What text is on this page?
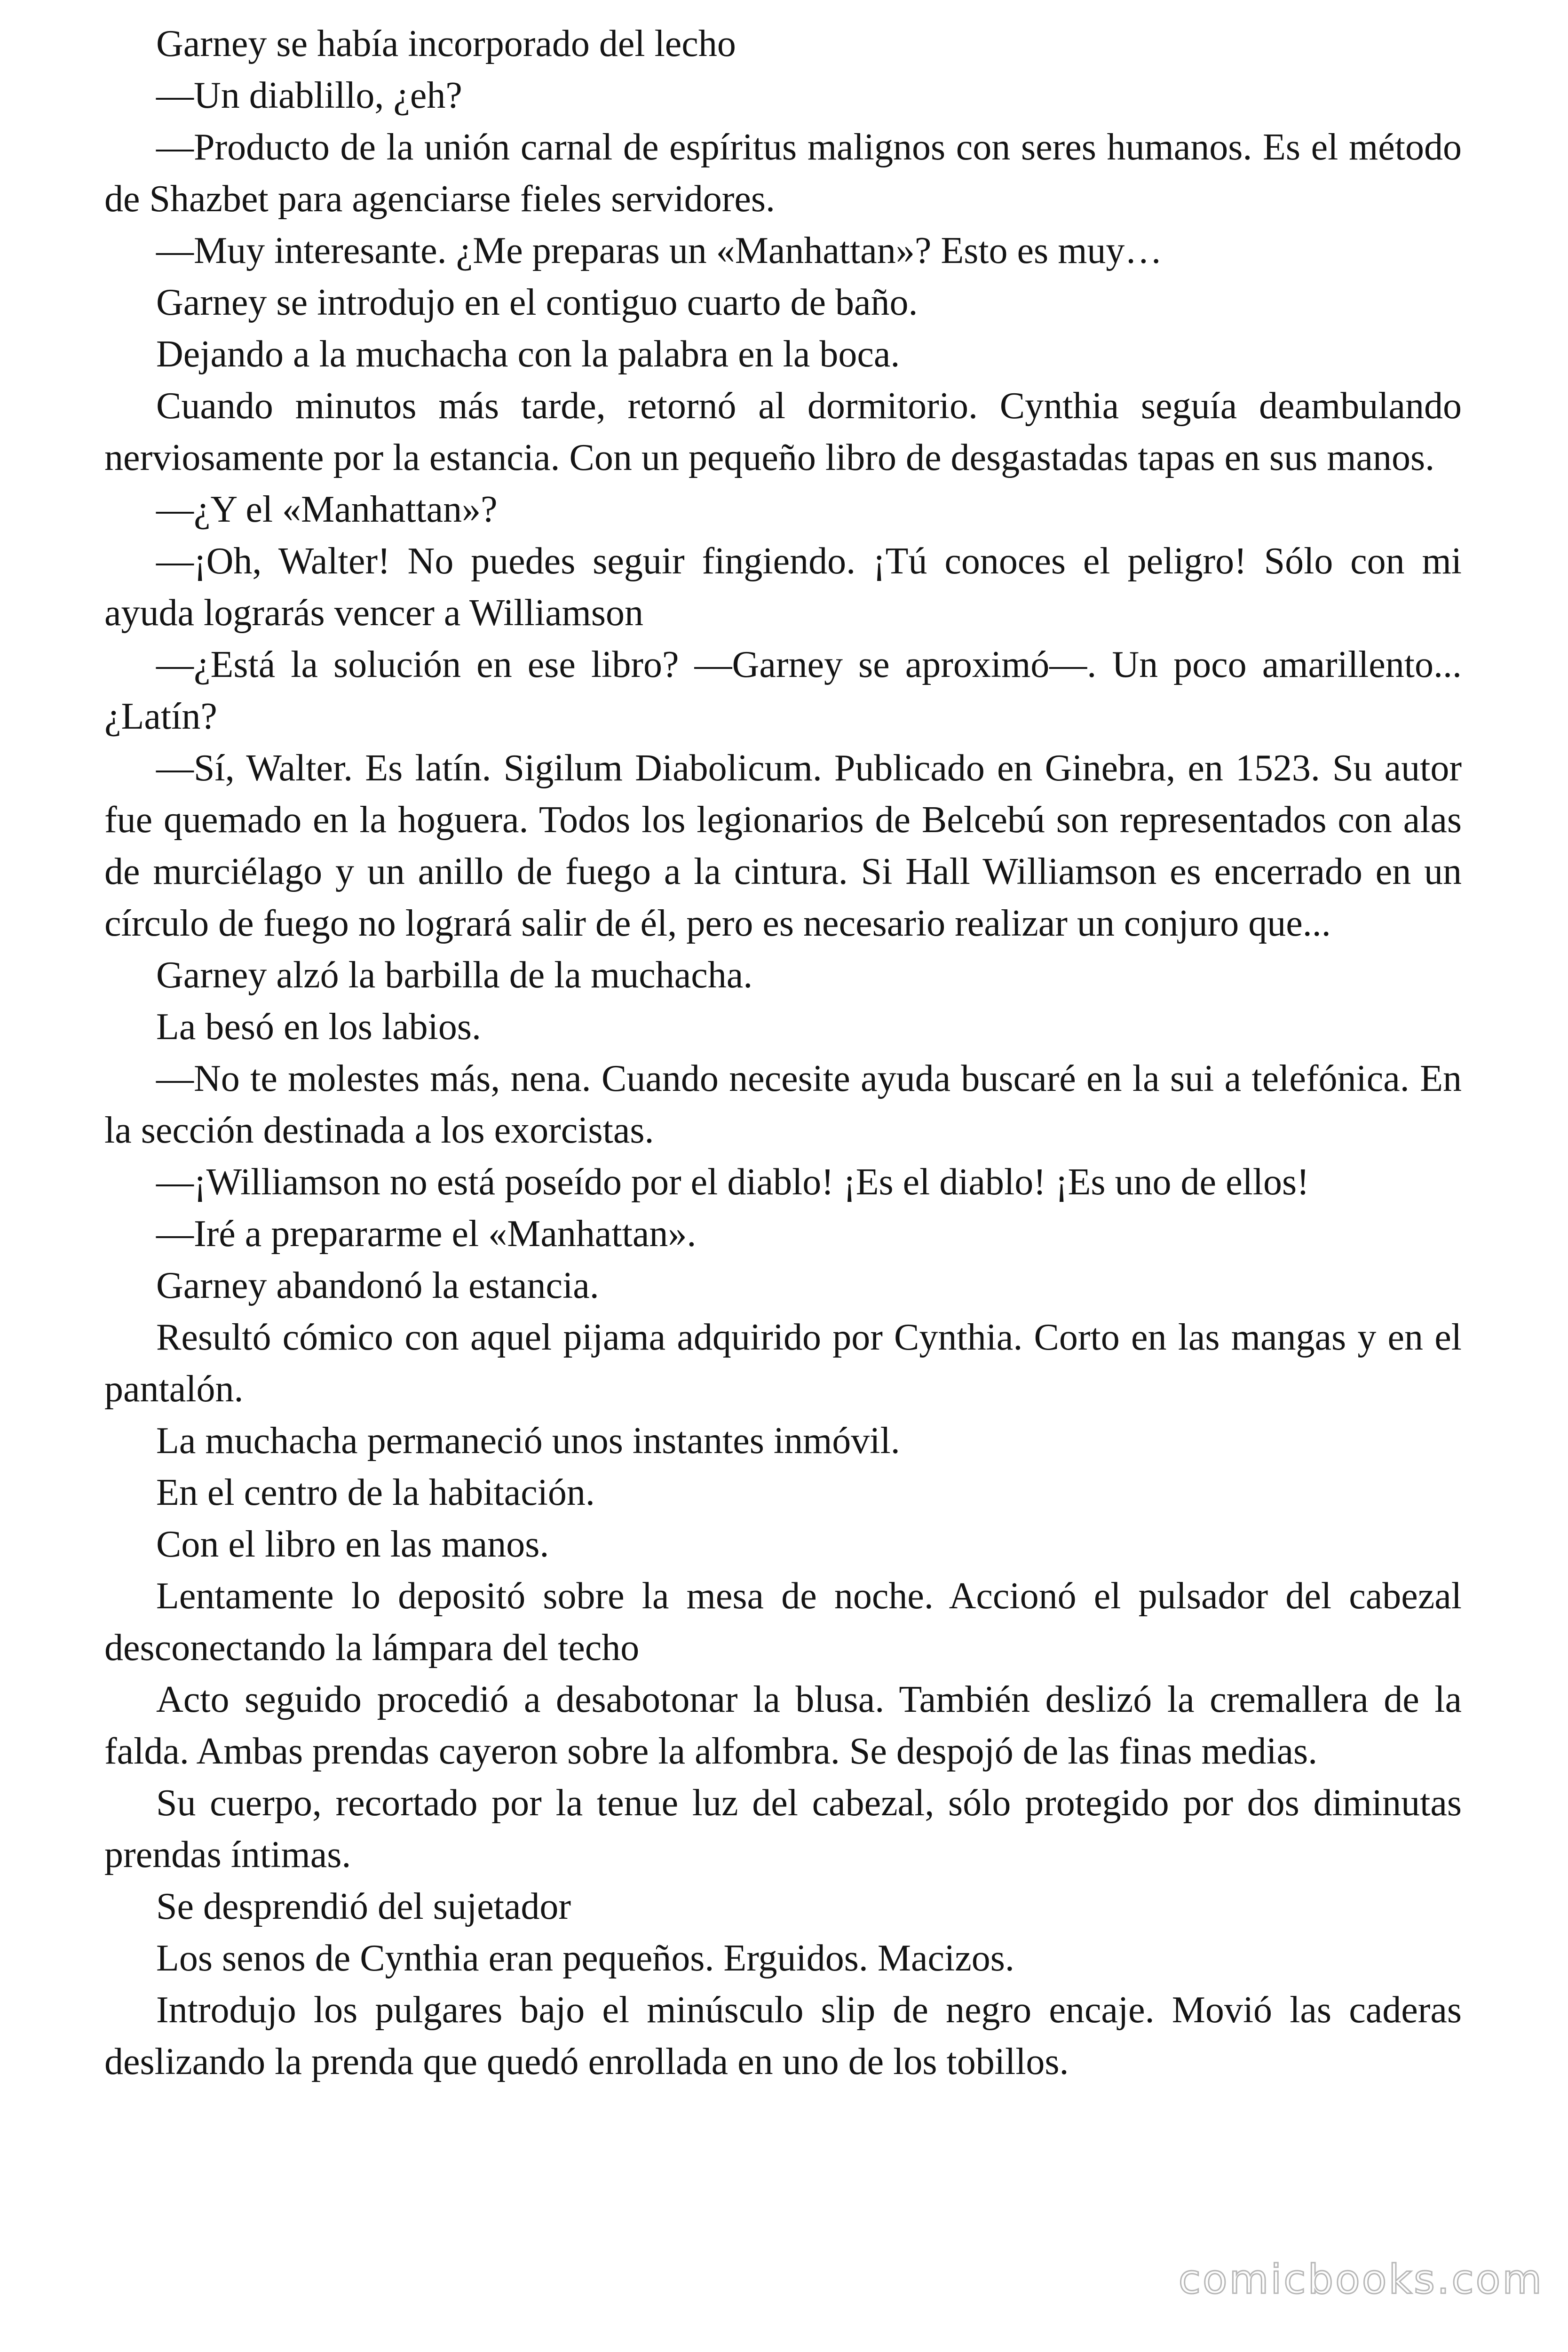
Garney se había incorporado del lecho

—Un diablillo, ¿eh?

—Producto de la unión carnal de espíritus malignos con seres humanos. Es el método de Shazbet para agenciarse fieles servidores.

—Muy interesante. ¿Me preparas un «Manhattan»? Esto es muy…

Garney se introdujo en el contiguo cuarto de baño.

Dejando a la muchacha con la palabra en la boca.

Cuando minutos más tarde, retornó al dormitorio. Cynthia seguía deambulando nerviosamente por la estancia. Con un pequeño libro de desgastadas tapas en sus manos.

—¿Y el «Manhattan»?

—¡Oh, Walter! No puedes seguir fingiendo. ¡Tú conoces el peligro! Sólo con mi ayuda lograrás vencer a Williamson

—¿Está la solución en ese libro? —Garney se aproximó—. Un poco amarillento... ¿Latín?

—Sí, Walter. Es latín. Sigilum Diabolicum. Publicado en Ginebra, en 1523. Su autor fue quemado en la hoguera. Todos los legionarios de Belcebú son representados con alas de murciélago y un anillo de fuego a la cintura. Si Hall Williamson es encerrado en un círculo de fuego no logrará salir de él, pero es necesario realizar un conjuro que...

Garney alzó la barbilla de la muchacha.

La besó en los labios.

—No te molestes más, nena. Cuando necesite ayuda buscaré en la sui a telefónica. En la sección destinada a los exorcistas.

—¡Williamson no está poseído por el diablo! ¡Es el diablo! ¡Es uno de ellos!

—Iré a prepararme el «Manhattan».

Garney abandonó la estancia.

Resultó cómico con aquel pijama adquirido por Cynthia. Corto en las mangas y en el pantalón.

La muchacha permaneció unos instantes inmóvil.

En el centro de la habitación.

Con el libro en las manos.

Lentamente lo depositó sobre la mesa de noche. Accionó el pulsador del cabezal desconectando la lámpara del techo

Acto seguido procedió a desabotonar la blusa. También deslizó la cremallera de la falda. Ambas prendas cayeron sobre la alfombra. Se despojó de las finas medias.

Su cuerpo, recortado por la tenue luz del cabezal, sólo protegido por dos diminutas prendas íntimas.

Se desprendió del sujetador

Los senos de Cynthia eran pequeños. Erguidos. Macizos.

Introdujo los pulgares bajo el minúsculo slip de negro encaje. Movió las caderas deslizando la prenda que quedó enrollada en uno de los tobillos.

comicbooks.com
